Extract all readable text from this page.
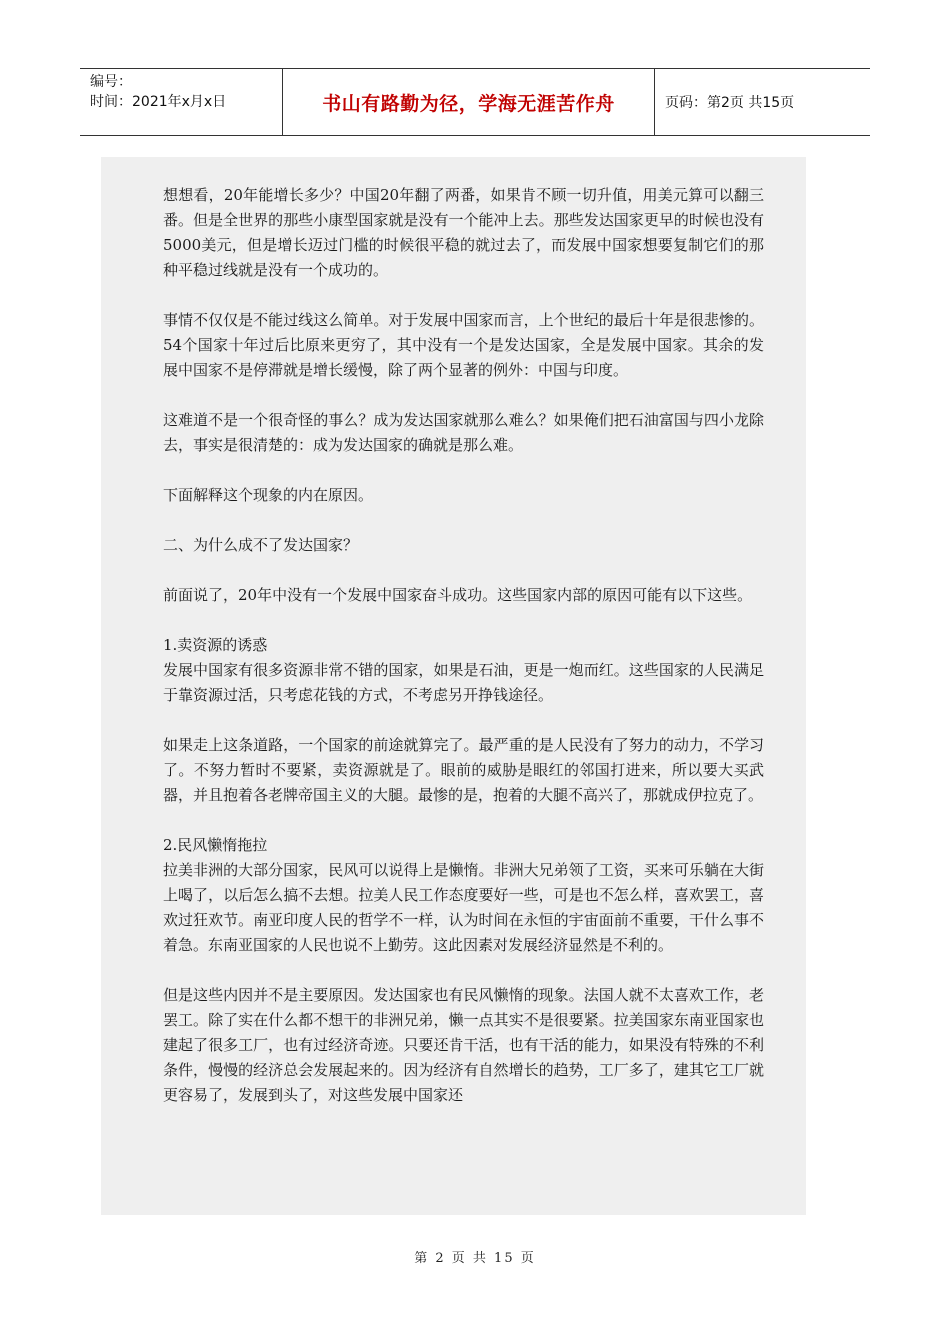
编号：
时间：2021年x月x日	书山有路勤为径，学海无涯苦作舟	页码：第2页 共15页

想想看，20年能增长多少？中国20年翻了两番，如果肯不顾一切升值，用美元算可以翻三番。但是全世界的那些小康型国家就是没有一个能冲上去。那些发达国家更早的时候也没有5000美元，但是增长迈过门槛的时候很平稳的就过去了，而发展中国家想要复制它们的那种平稳过线就是没有一个成功的。

事情不仅仅是不能过线这么简单。对于发展中国家而言，上个世纪的最后十年是很悲惨的。54个国家十年过后比原来更穷了，其中没有一个是发达国家，全是发展中国家。其余的发展中国家不是停滞就是增长缓慢，除了两个显著的例外：中国与印度。

这难道不是一个很奇怪的事么？成为发达国家就那么难么？如果俺们把石油富国与四小龙除去，事实是很清楚的：成为发达国家的确就是那么难。

下面解释这个现象的内在原因。

二、为什么成不了发达国家？

前面说了，20年中没有一个发展中国家奋斗成功。这些国家内部的原因可能有以下这些。

1.卖资源的诱惑

发展中国家有很多资源非常不错的国家，如果是石油，更是一炮而红。这些国家的人民满足于靠资源过活，只考虑花钱的方式，不考虑另开挣钱途径。

如果走上这条道路，一个国家的前途就算完了。最严重的是人民没有了努力的动力，不学习了。不努力暂时不要紧，卖资源就是了。眼前的威胁是眼红的邻国打进来，所以要大买武器，并且抱着各老牌帝国主义的大腿。最惨的是，抱着的大腿不高兴了，那就成伊拉克了。

2.民风懒惰拖拉

拉美非洲的大部分国家，民风可以说得上是懒惰。非洲大兄弟领了工资，买来可乐躺在大街上喝了，以后怎么搞不去想。拉美人民工作态度要好一些，可是也不怎么样，喜欢罢工，喜欢过狂欢节。南亚印度人民的哲学不一样，认为时间在永恒的宇宙面前不重要，干什么事不着急。东南亚国家的人民也说不上勤劳。这此因素对发展经济显然是不利的。

但是这些内因并不是主要原因。发达国家也有民风懒惰的现象。法国人就不太喜欢工作，老罢工。除了实在什么都不想干的非洲兄弟，懒一点其实不是很要紧。拉美国家东南亚国家也建起了很多工厂，也有过经济奇迹。只要还肯干活，也有干活的能力，如果没有特殊的不利条件，慢慢的经济总会发展起来的。因为经济有自然增长的趋势，工厂多了，建其它工厂就更容易了，发展到头了，对这些发展中国家还

第 2 页 共 15 页
